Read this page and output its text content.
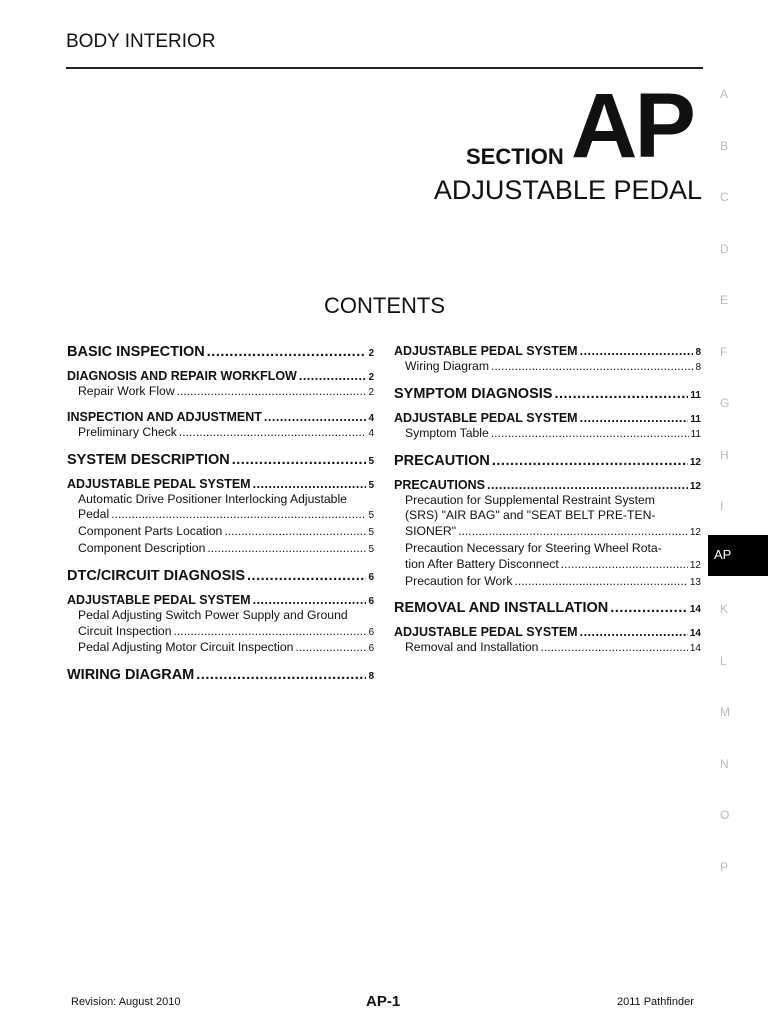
BODY INTERIOR
SECTION AP
ADJUSTABLE PEDAL
CONTENTS
BASIC INSPECTION .....	2
DIAGNOSIS AND REPAIR WORKFLOW .....	2
Repair Work Flow .....	2
INSPECTION AND ADJUSTMENT .....	4
Preliminary Check .....	4
SYSTEM DESCRIPTION .....	5
ADJUSTABLE PEDAL SYSTEM .....	5
Automatic Drive Positioner Interlocking Adjustable
Pedal .....	5
Component Parts Location .....	5
Component Description .....	5
DTC/CIRCUIT DIAGNOSIS .....	6
ADJUSTABLE PEDAL SYSTEM .....	6
Pedal Adjusting Switch Power Supply and Ground
Circuit Inspection .....	6
Pedal Adjusting Motor Circuit Inspection .....	6
WIRING DIAGRAM .....	8
ADJUSTABLE PEDAL SYSTEM .....	8
Wiring Diagram .....	8
SYMPTOM DIAGNOSIS .....	11
ADJUSTABLE PEDAL SYSTEM .....	11
Symptom Table .....	11
PRECAUTION .....	12
PRECAUTIONS .....	12
Precaution for Supplemental Restraint System
(SRS) "AIR BAG" and "SEAT BELT PRE-TEN-
SIONER" .....	12
Precaution Necessary for Steering Wheel Rota-
tion After Battery Disconnect .....	12
Precaution for Work .....	13
REMOVAL AND INSTALLATION .....	14
ADJUSTABLE PEDAL SYSTEM .....	14
Removal and Installation .....	14
A
B
C
D
E
F
G
H
I
K
L
M
N
O
P
AP
Revision: August 2010	AP-1	2011 Pathfinder
